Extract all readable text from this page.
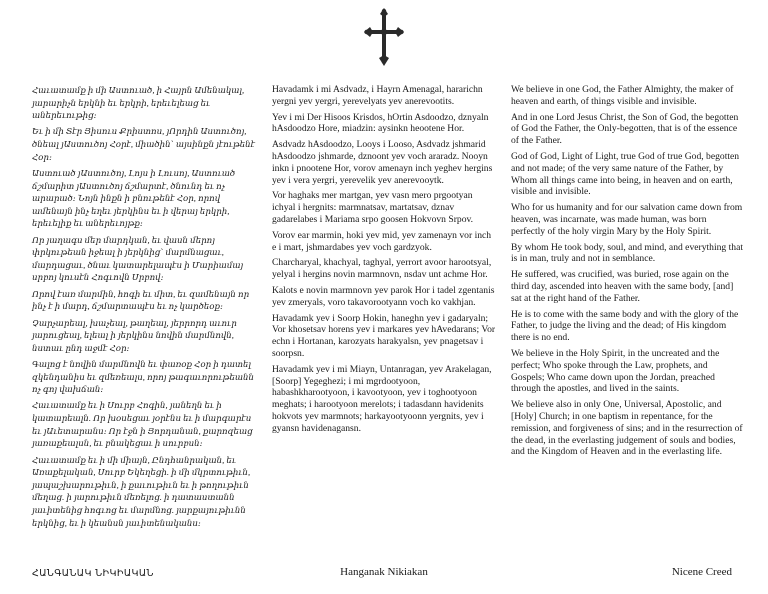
Հաւատամք ի մի Աստուած, ի Հայրն Ամենակալ, յարարիչն երկնի եւ երկրի, երեւելեաց եւ աներեւութից։

Եւ ի մի Տէր Յիսուս Քրիստոս, յՈրդին Աստուծոյ, ծնեալ յԱստուծոյ Հօրէ, միածին՝ այսինքն յէութենէ Հօր։

Աստուած յԱստուծոյ, Լոյս ի Լուսոյ, Աստուած ճշմարիտ յԱստուծոյ ճշմարտէ, ծնունդ եւ ոչ արարած։ Նոյն ինքն ի բնութենէ Հօր, որով ամենայն ինչ եղեւ յերկինս եւ ի վերայ երկրի, երեւելիք եւ աներեւոյթք։

Որ յաղագս մեր մարդկան, եւ վասն մերոյ փրկութեան իջեալ ի յերկնից՝ մարմնացաւ, մարդացաւ, ծնաւ կատարելապէս ի Մարիամայ սրբոյ կուսէն Հոգւովն Սրբով։

Որով էառ մարմին, հոգի եւ միտ, եւ զամենայն որ ինչ է ի մարդ, ճշմարտապէս եւ ոչ կարծեօք։

Չարչարեալ, խաչեալ, թաղեալ, յերրորդ աւուր յարուցեալ, ելեալ ի յերկինս նովին մարմնովն, նստաւ ընդ աջմէ Հօր։

Գալոց է նովին մարմնովն եւ փառօք Հօր ի դատել զկենդանիս եւ զմեռեալս, որոյ թագաւորութեանն ոչ գոյ վախճան։

Հաւատամք եւ ի Սուրբ Հոգին, յանեղն եւ ի կատարեալն. Որ խօսեցաւ յօրէնս եւ ի մարգարէս եւ յԱւետարանս։ Որ էջն ի Յորդանան, քարոզեաց յառաքեալսն, եւ բնակեցաւ ի սուրբսն։

Հաւատամք եւ ի մի միայն, Ընդհանրական, եւ Առաքելական, Սուրբ Եկեղեցի. ի մի մկրտութիւն, յապաշխարութիւն, ի քաւութիւն եւ ի թողութիւն մեղաց. ի յարութիւն մեռելոց. ի դատաստանն յաւիտենից հոգւոց եւ մարմնոց. յարքայութիւնն երկնից, եւ ի կեանսն յաւիտենականս։

Havadamk i mi Asdvadz, i Hayrn Amenagal, hararichn yergni yev yergri, yerevelyats yev anerevootits.

Yev i mi Der Hisoos Krisdos, hOrtin Asdoodzo, dznyaln hAsdoodzo Hore, miadzin: aysinkn heootene Hor.

Asdvadz hAsdoodzo, Looys i Looso, Asdvadz jshmarid hAsdoodzo jshmarde, dznoont yev voch araradz. Nooyn inkn i pnootene Hor, vorov amenayn inch yeghev hergins yev i vera yergri, yerevelik yev anerevooytk.

Vor haghaks mer martgan, yev vasn mero prgootyan ichyal i hergnits: marmnatsav, martatsav, dznav gadarelabes i Mariama srpo goosen Hokvovn Srpov.

Vorov ear marmin, hoki yev mid, yev zamenayn vor inch e i mart, jshmardabes yev voch gardzyok.

Charcharyal, khachyal, taghyal, yerrort avoor harootsyal, yelyal i hergins novin marmnovn, nsdav unt achme Hor.

Kalots e novin marmnovn yev parok Hor i tadel zgentanis yev zmeryals, voro takavorootyann voch ko vakhjan.

Havadamk yev i Soorp Hokin, haneghn yev i gadaryaln; Vor khosetsav horens yev i markares yev hAvedarans; Vor echn i Hortanan, karozyats harakyalsn, yev pnagetsav i soorpsn.

Havadamk yev i mi Miayn, Untanragan, yev Arakelagan, [Soorp] Yegeghezi; i mi mgrdootyoon, habashkharootyoon, i kavootyoon, yev i toghootyoon meghats; i harootyoon merelots; i tadasdann havidenits hokvots yev marmnots; harkayootyoonn yergnits, yev i gyansn havidenagansn.

We believe in one God, the Father Almighty, the maker of heaven and earth, of things visible and invisible.

And in one Lord Jesus Christ, the Son of God, the begotten of God the Father, the Only-begotten, that is of the essence of the Father.

God of God, Light of Light, true God of true God, begotten and not made; of the very same nature of the Father, by Whom all things came into being, in heaven and on earth, visible and invisible.

Who for us humanity and for our salvation came down from heaven, was incarnate, was made human, was born perfectly of the holy virgin Mary by the Holy Spirit.

By whom He took body, soul, and mind, and everything that is in man, truly and not in semblance.

He suffered, was crucified, was buried, rose again on the third day, ascended into heaven with the same body, [and] sat at the right hand of the Father.

He is to come with the same body and with the glory of the Father, to judge the living and the dead; of His kingdom there is no end.

We believe in the Holy Spirit, in the uncreated and the perfect; Who spoke through the Law, prophets, and Gospels; Who came down upon the Jordan, preached through the apostles, and lived in the saints.

We believe also in only One, Universal, Apostolic, and [Holy] Church; in one baptism in repentance, for the remission, and forgiveness of sins; and in the resurrection of the dead, in the everlasting judgement of souls and bodies, and the Kingdom of Heaven and in the everlasting life.

ՀԱՆԳԱՆԱԿ ՆԻԿԻԱԿԱՆ	Hanganak Nikiakan	Nicene Creed
